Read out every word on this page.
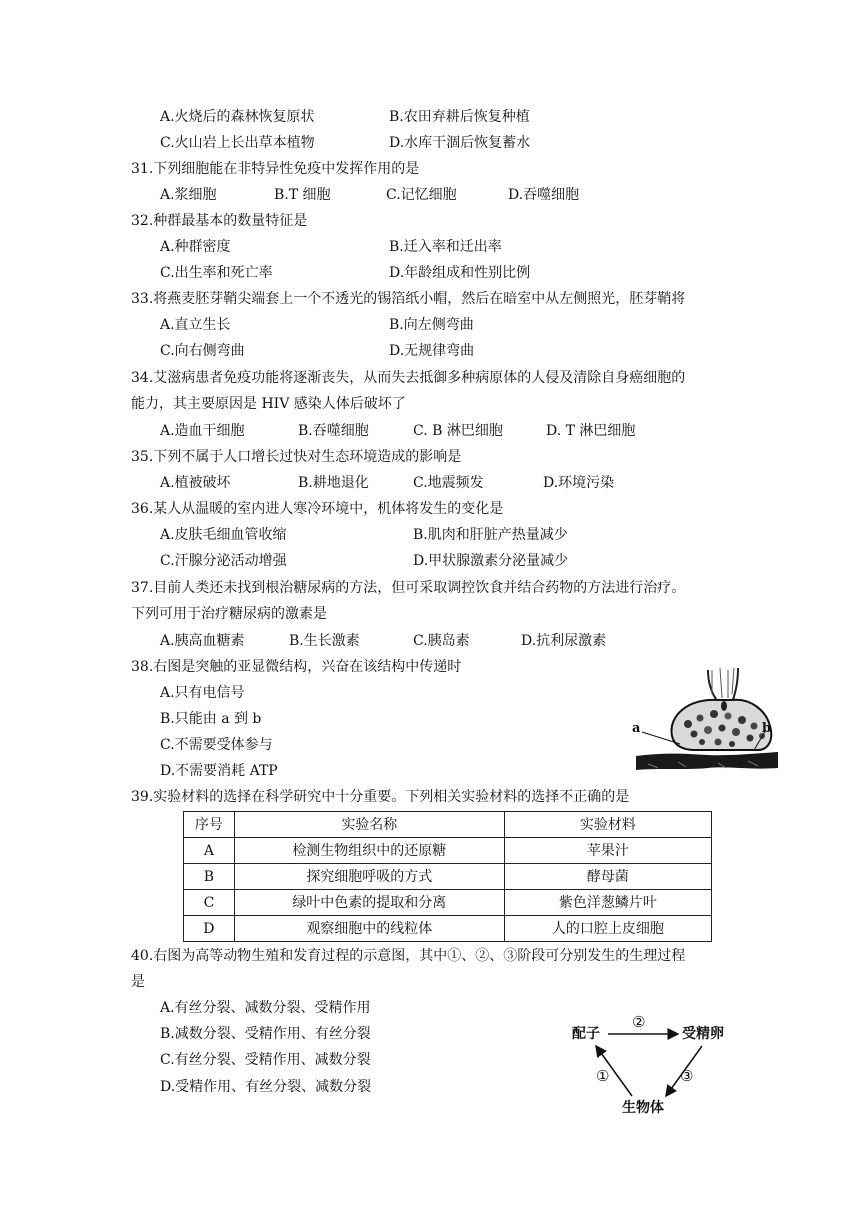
A.火烧后的森林恢复原状	B.农田弃耕后恢复种植
C.火山岩上长出草本植物	D.水库干涸后恢复蓄水
31.下列细胞能在非特异性免疫中发挥作用的是
A.浆细胞	B.T 细胞	C.记忆细胞	D.吞噬细胞
32.种群最基本的数量特征是
A.种群密度	B.迁入率和迁出率
C.出生率和死亡率	D.年龄组成和性别比例
33.将燕麦胚芽鞘尖端套上一个不透光的锡箔纸小帽，然后在暗室中从左侧照光，胚芽鞘将
A.直立生长	B.向左侧弯曲
C.向右侧弯曲	D.无规律弯曲
34.艾滋病患者免疫功能将逐渐丧失，从而失去抵御多种病原体的人侵及清除自身癌细胞的
能力，其主要原因是 HIV 感染人体后破坏了
A.造血干细胞	B.吞噬细胞	C. B 淋巴细胞	D. T 淋巴细胞
35.下列不属于人口增长过快对生态环境造成的影响是
A.植被破坏	B.耕地退化	C.地震频发	D.环境污染
36.某人从温暖的室内进人寒冷环境中，机体将发生的变化是
A.皮肤毛细血管收缩	B.肌肉和肝脏产热量减少
C.汗腺分泌活动增强	D.甲状腺激素分泌量减少
37.目前人类还未找到根治糖尿病的方法，但可采取调控饮食并结合药物的方法进行治疗。
下列可用于治疗糖尿病的激素是
A.胰高血糖素	B.生长激素	C.胰岛素	D.抗利尿激素
38.右图是突触的亚显微结构，兴奋在该结构中传递时
A.只有电信号
B.只能由 a 到 b
C.不需要受体参与
D.不需要消耗 ATP
a	b
39.实验材料的选择在科学研究中十分重要。下列相关实验材料的选择不正确的是
序号	实验名称	实验材料
A	检测生物组织中的还原糖	苹果汁
B	探究细胞呼吸的方式	酵母菌
C	绿叶中色素的提取和分离	紫色洋葱鳞片叶
D	观察细胞中的线粒体	人的口腔上皮细胞
40.右图为高等动物生殖和发育过程的示意图，其中①、②、③阶段可分别发生的生理过程
是
A.有丝分裂、减数分裂、受精作用
B.减数分裂、受精作用、有丝分裂
C.有丝分裂、受精作用、减数分裂
D.受精作用、有丝分裂、减数分裂
配子	受精卵
生物体
②
①	③
